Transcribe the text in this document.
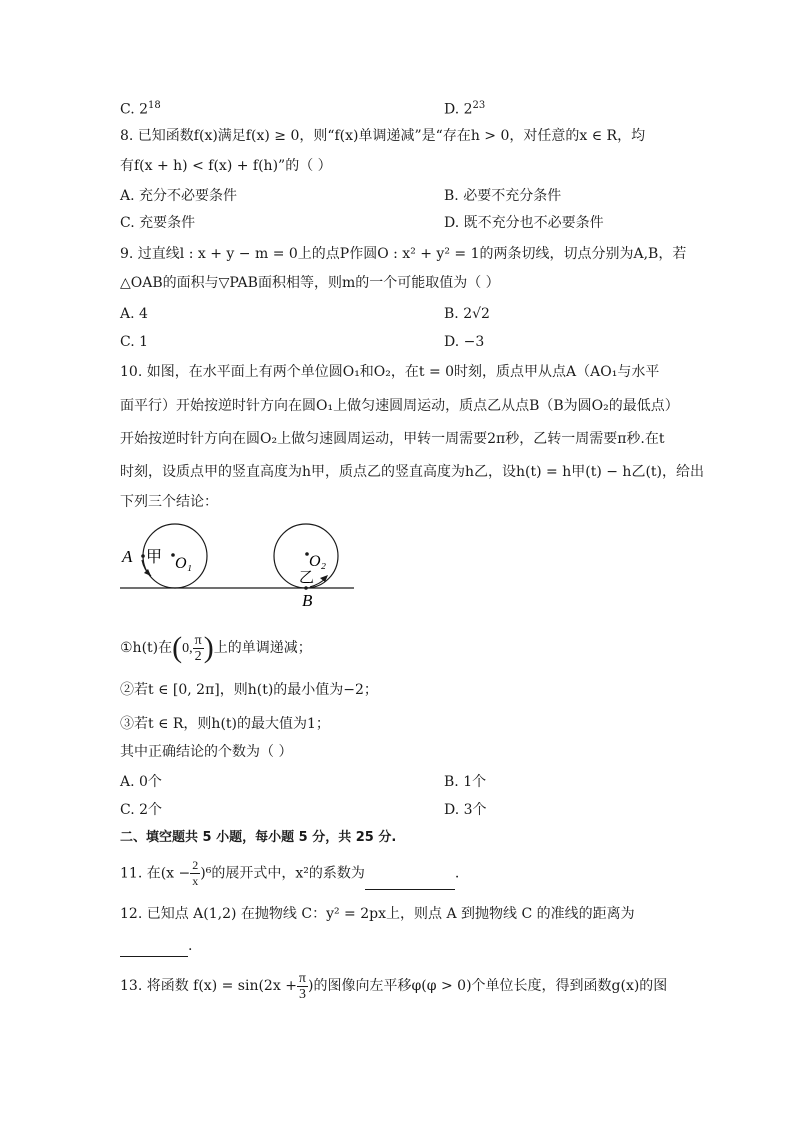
C. $2^{18}$	D. $2^{23}$
8. 已知函数f(x)满足f(x) ≥ 0，则“f(x)单调递减”是“存在h > 0，对任意的x ∈ R，均
有f(x + h) < f(x) + f(h)”的（ ）
A. 充分不必要条件	B. 必要不充分条件
C. 充要条件	D. 既不充分也不必要条件
9. 过直线l : x + y − m = 0上的点P作圆O : x² + y² = 1的两条切线，切点分别为A,B，若
△OAB的面积与▽PAB面积相等，则m的一个可能取值为（ ）
A. 4	B. 2√2
C. 1	D. −3
10. 如图，在水平面上有两个单位圆O₁和O₂，在t = 0时刻，质点甲从点A（AO₁与水平
面平行）开始按逆时针方向在圆O₁上做匀速圆周运动，质点乙从点B（B为圆O₂的最低点）
开始按逆时针方向在圆O₂上做匀速圆周运动，甲转一周需要2π秒，乙转一周需要π秒.在t
时刻，设质点甲的竖直高度为h甲，质点乙的竖直高度为h乙，设h(t) = h甲(t) − h乙(t)，给出
下列三个结论：
A 甲 O₁	O₂
乙
B
①h(t)在(0, $\frac{\pi}{2}$ )上的单调递减；
②若t ∈ [0, 2π]，则h(t)的最小值为−2；
③若t ∈ R，则h(t)的最大值为1；
其中正确结论的个数为（ ）
A. 0个	B. 1个
C. 2个	D. 3个
二、填空题共 5 小题，每小题 5 分，共 25 分.
11. 在$(x - \frac{2}{x} )^6$的展开式中，x²的系数为	.
12. 已知点 A(1,2) 在抛物线 C：y² = 2px上，则点 A 到抛物线 C 的准线的距离为
.
13. 将函数 $f(x) = \sin(2x + \frac{\pi}{3}$ )的图像向左平移φ(φ > 0)个单位长度，得到函数g(x)的图
